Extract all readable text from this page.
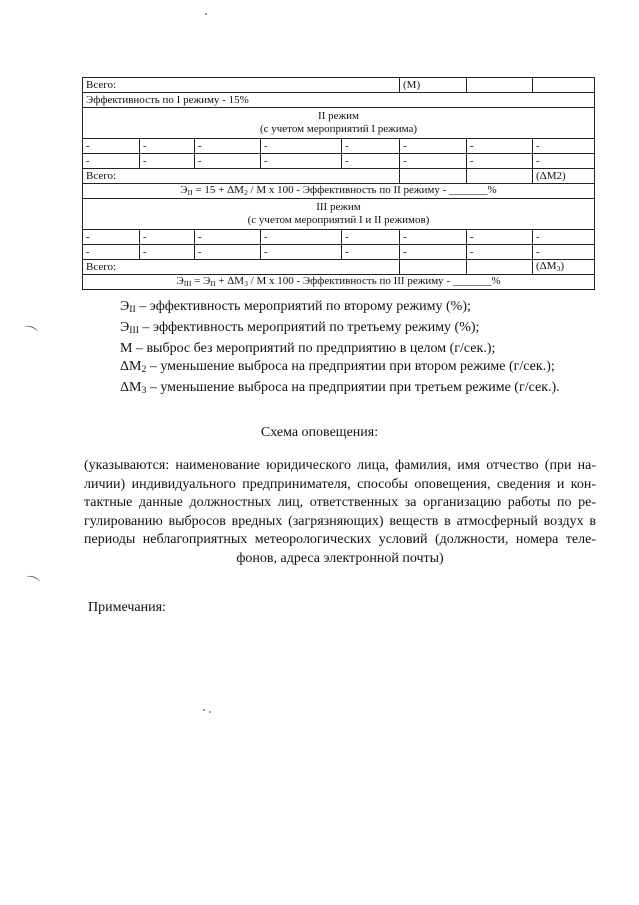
⌒
⌒
Всего:					(M)		
Эффективность по I режиму - 15%							

II режим
(с учетом мероприятий I режима)							

-	-	-	-	-	-	-	-
-	-	-	-	-	-	-	-
Всего:							(ΔM2)
$Э_{II} = 15 + \Delta M_2 / M$ х 100 - Эффективность по II режиму - _______%							

III режим
(с учетом мероприятий I и II режимов)							

-	-	-	-	-	-	-	-
-	-	-	-	-	-	-	-
Всего:							$(\Delta M_3)$
$Э_{III} = Э_{II} + \Delta M_3 / M$ х 100 - Эффективность по III режиму - _______%							
$Э_{II}$ – эффективность мероприятий по второму режиму (%);
$Э_{III}$ – эффективность мероприятий по третьему режиму (%);
М – выброс без мероприятий по предприятию в целом (г/сек.);
$\Delta M_2$ – уменьшение выброса на предприятии при втором режиме (г/сек.);
$\Delta M_3$ – уменьшение выброса на предприятии при третьем режиме (г/сек.).
Схема оповещения:
(указываются: наименование юридического лица, фамилия, имя отчество (при на-
личии) индивидуального предпринимателя, способы оповещения, сведения и кон-
тактные данные должностных лиц, ответственных за организацию работы по ре-
гулированию выбросов вредных (загрязняющих) веществ в атмосферный воздух в
периоды неблагоприятных метеорологических условий (должности, номера теле-
фонов, адреса электронной почты)
Примечания:
